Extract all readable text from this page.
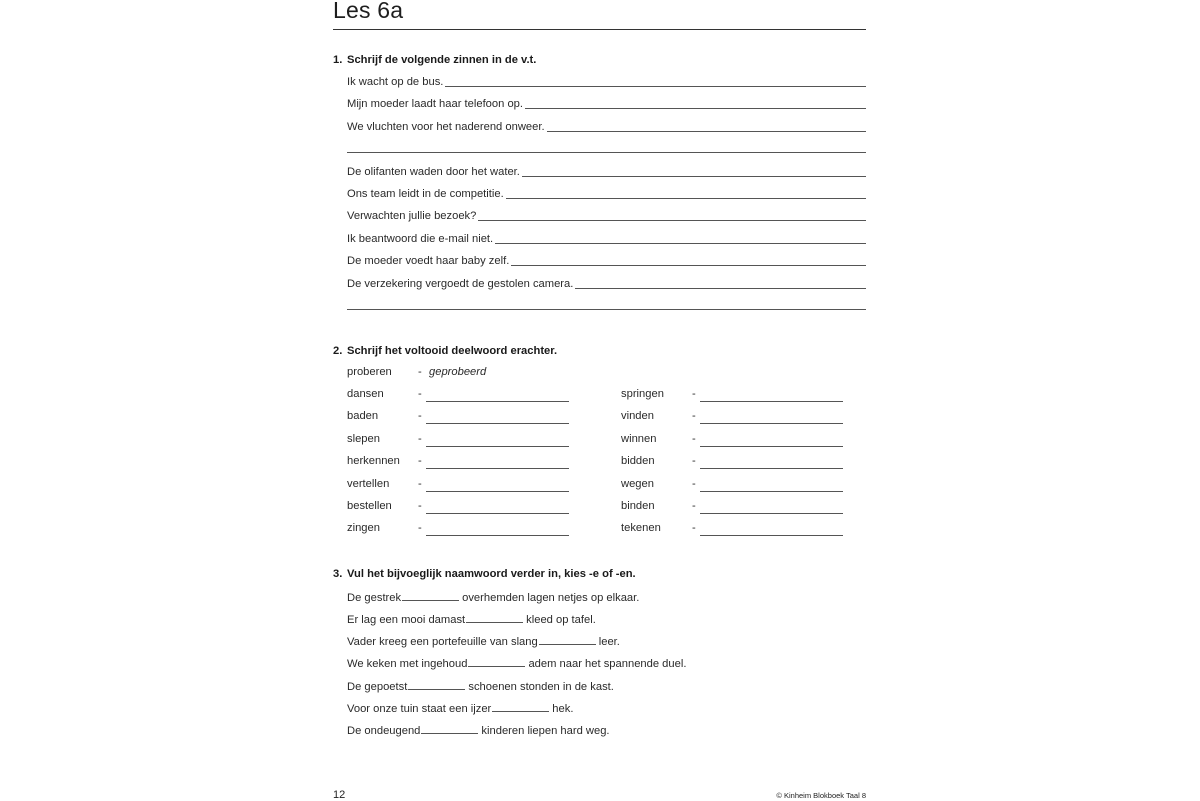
Les 6a
1. Schrijf de volgende zinnen in de v.t.
Ik wacht op de bus.
Mijn moeder laadt haar telefoon op.
We vluchten voor het naderend onweer.
De olifanten waden door het water.
Ons team leidt in de competitie.
Verwachten jullie bezoek?
Ik beantwoord die e-mail niet.
De moeder voedt haar baby zelf.
De verzekering vergoedt de gestolen camera.
2. Schrijf het voltooid deelwoord erachter.
proberen - geprobeerd
dansen	-
baden	-
slepen	-
herkennen -
vertellen	-
bestellen -
zingen	-
springen	-
vinden	-
winnen	-
bidden	-
wegen	-
binden	-
tekenen	-
3. Vul het bijvoeglijk naamwoord verder in, kies -e of -en.
De gestrek	overhemden lagen netjes op elkaar.
Er lag een mooi damast	kleed op tafel.
Vader kreeg een portefeuille van slang	leer.
We keken met ingehoud	adem naar het spannende duel.
De gepoetst	schoenen stonden in de kast.
Voor onze tuin staat een ijzer	hek.
De ondeugend	kinderen liepen hard weg.
12	© Kinheim Blokboek Taal 8
